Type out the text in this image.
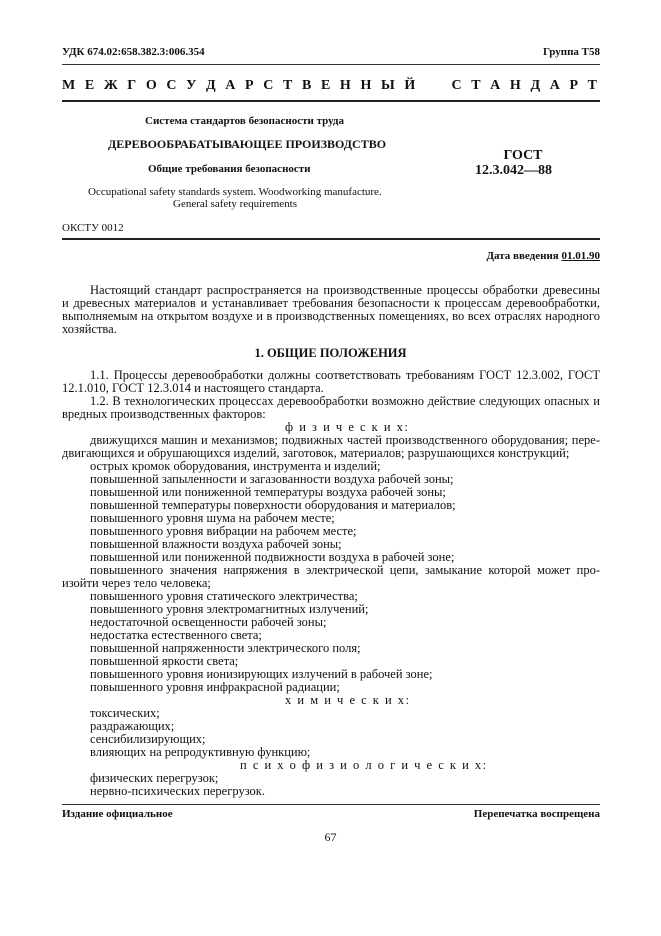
УДК 674.02:658.382.3:006.354	Группа Т58
М Е Ж Г О С У Д А Р С Т В Е Н Н Ы Й     С Т А Н Д А Р Т
Система стандартов безопасности труда
ДЕРЕВООБРАБАТЫВАЮЩЕЕ ПРОИЗВОДСТВО
Общие требования безопасности
Occupational safety standards system. Woodworking manufacture.
General safety requirements
ГОСТ
12.3.042—88
ОКСТУ 0012
Дата введения 01.01.90
Настоящий стандарт распространяется на производственные процессы обработки древесины
и древесных материалов и устанавливает требования безопасности к процессам деревообработки,
выполняемым на открытом воздухе и в производственных помещениях, во всех отраслях народного
хозяйства.
1. ОБЩИЕ ПОЛОЖЕНИЯ
1.1. Процессы деревообработки должны соответствовать требованиям ГОСТ 12.3.002, ГОСТ
12.1.010, ГОСТ 12.3.014 и настоящего стандарта.
1.2. В технологических процессах деревообработки возможно действие следующих опасных и
вредных производственных факторов:
ф и з и ч е с к и х:
движущихся машин и механизмов; подвижных частей производственного оборудования; пере-
двигающихся и обрушающихся изделий, заготовок, материалов; разрушающихся конструкций;
острых кромок оборудования, инструмента и изделий;
повышенной запыленности и загазованности воздуха рабочей зоны;
повышенной или пониженной температуры воздуха рабочей зоны;
повышенной температуры поверхности оборудования и материалов;
повышенного уровня шума на рабочем месте;
повышенного уровня вибрации на рабочем месте;
повышенной влажности воздуха рабочей зоны;
повышенной или пониженной подвижности воздуха в рабочей зоне;
повышенного значения напряжения в электрической цепи, замыкание которой может про-
изойти через тело человека;
повышенного уровня статического электричества;
повышенного уровня электромагнитных излучений;
недостаточной освещенности рабочей зоны;
недостатка естественного света;
повышенной напряженности электрического поля;
повышенной яркости света;
повышенного уровня ионизирующих излучений в рабочей зоне;
повышенного уровня инфракрасной радиации;
х и м и ч е с к и х:
токсических;
раздражающих;
сенсибилизирующих;
влияющих на репродуктивную функцию;
п с и х о ф и з и о л о г и ч е с к и х:
физических перегрузок;
нервно-психических перегрузок.
Издание официальное	Перепечатка воспрещена
67
